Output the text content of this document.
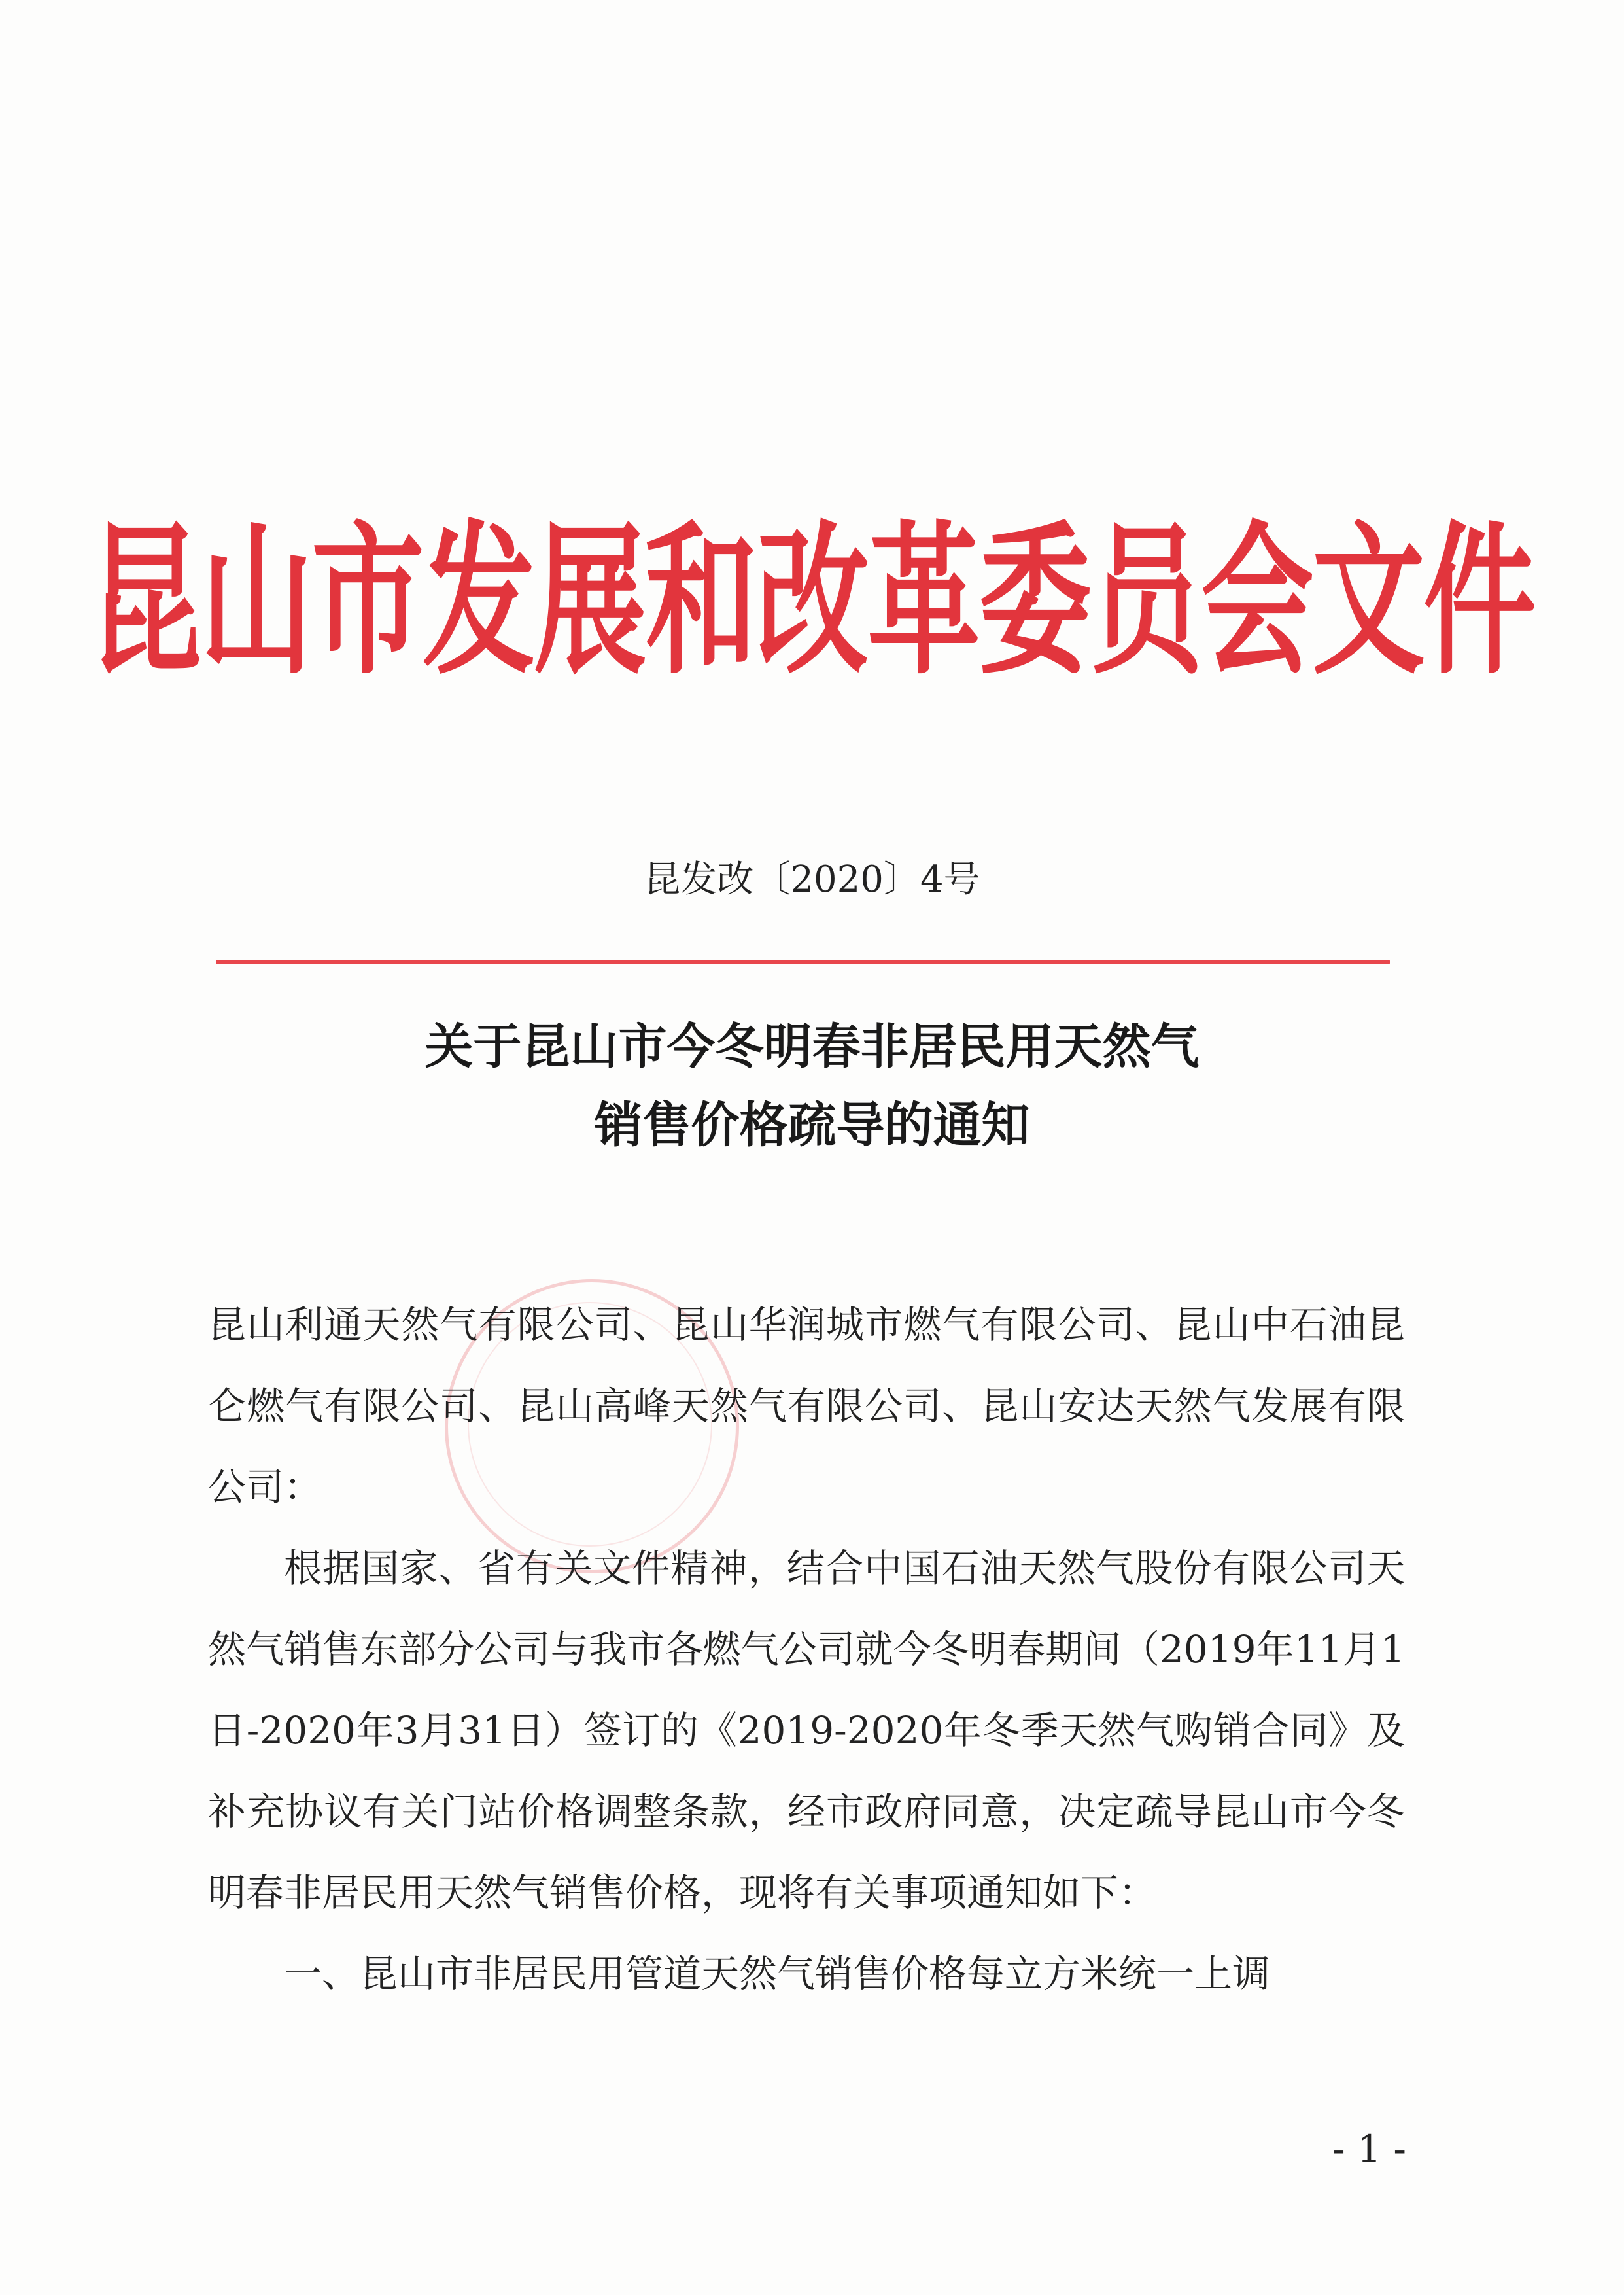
昆山市发展和改革委员会文件
昆发改〔2020〕4号
关于昆山市今冬明春非居民用天然气
销售价格疏导的通知

昆山利通天然气有限公司、昆山华润城市燃气有限公司、昆山中石油昆仑燃气有限公司、昆山高峰天然气有限公司、昆山安达天然气发展有限公司：

根据国家、省有关文件精神，结合中国石油天然气股份有限公司天然气销售东部分公司与我市各燃气公司就今冬明春期间（2019年11月1日-2020年3月31日）签订的《2019-2020年冬季天然气购销合同》及补充协议有关门站价格调整条款，经市政府同意，决定疏导昆山市今冬明春非居民用天然气销售价格，现将有关事项通知如下：

一、昆山市非居民用管道天然气销售价格每立方米统一上调

- 1 -
